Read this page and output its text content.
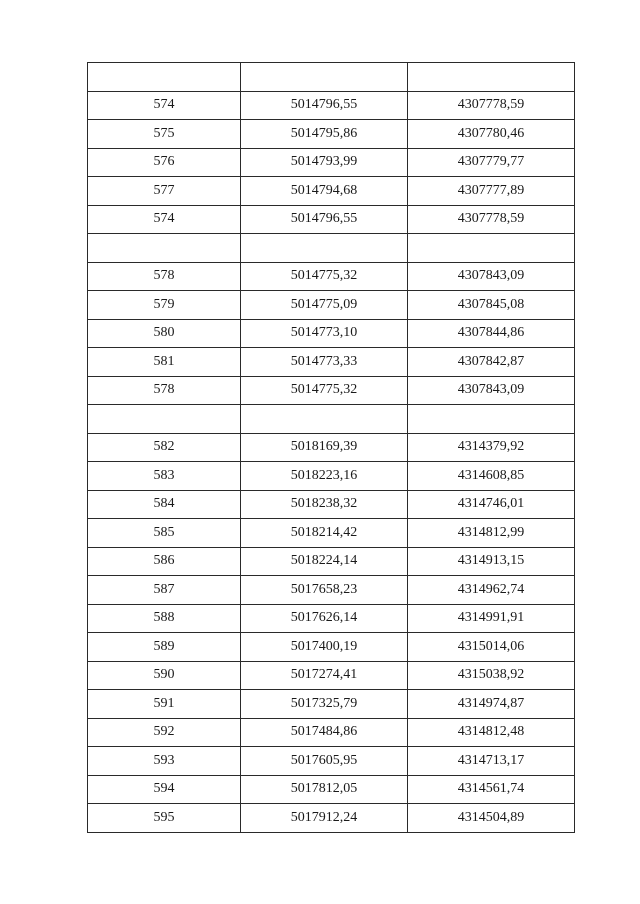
574	5014796,55	4307778,59
575	5014795,86	4307780,46
576	5014793,99	4307779,77
577	5014794,68	4307777,89
574	5014796,55	4307778,59

578	5014775,32	4307843,09
579	5014775,09	4307845,08
580	5014773,10	4307844,86
581	5014773,33	4307842,87
578	5014775,32	4307843,09

582	5018169,39	4314379,92
583	5018223,16	4314608,85
584	5018238,32	4314746,01
585	5018214,42	4314812,99
586	5018224,14	4314913,15
587	5017658,23	4314962,74
588	5017626,14	4314991,91
589	5017400,19	4315014,06
590	5017274,41	4315038,92
591	5017325,79	4314974,87
592	5017484,86	4314812,48
593	5017605,95	4314713,17
594	5017812,05	4314561,74
595	5017912,24	4314504,89
